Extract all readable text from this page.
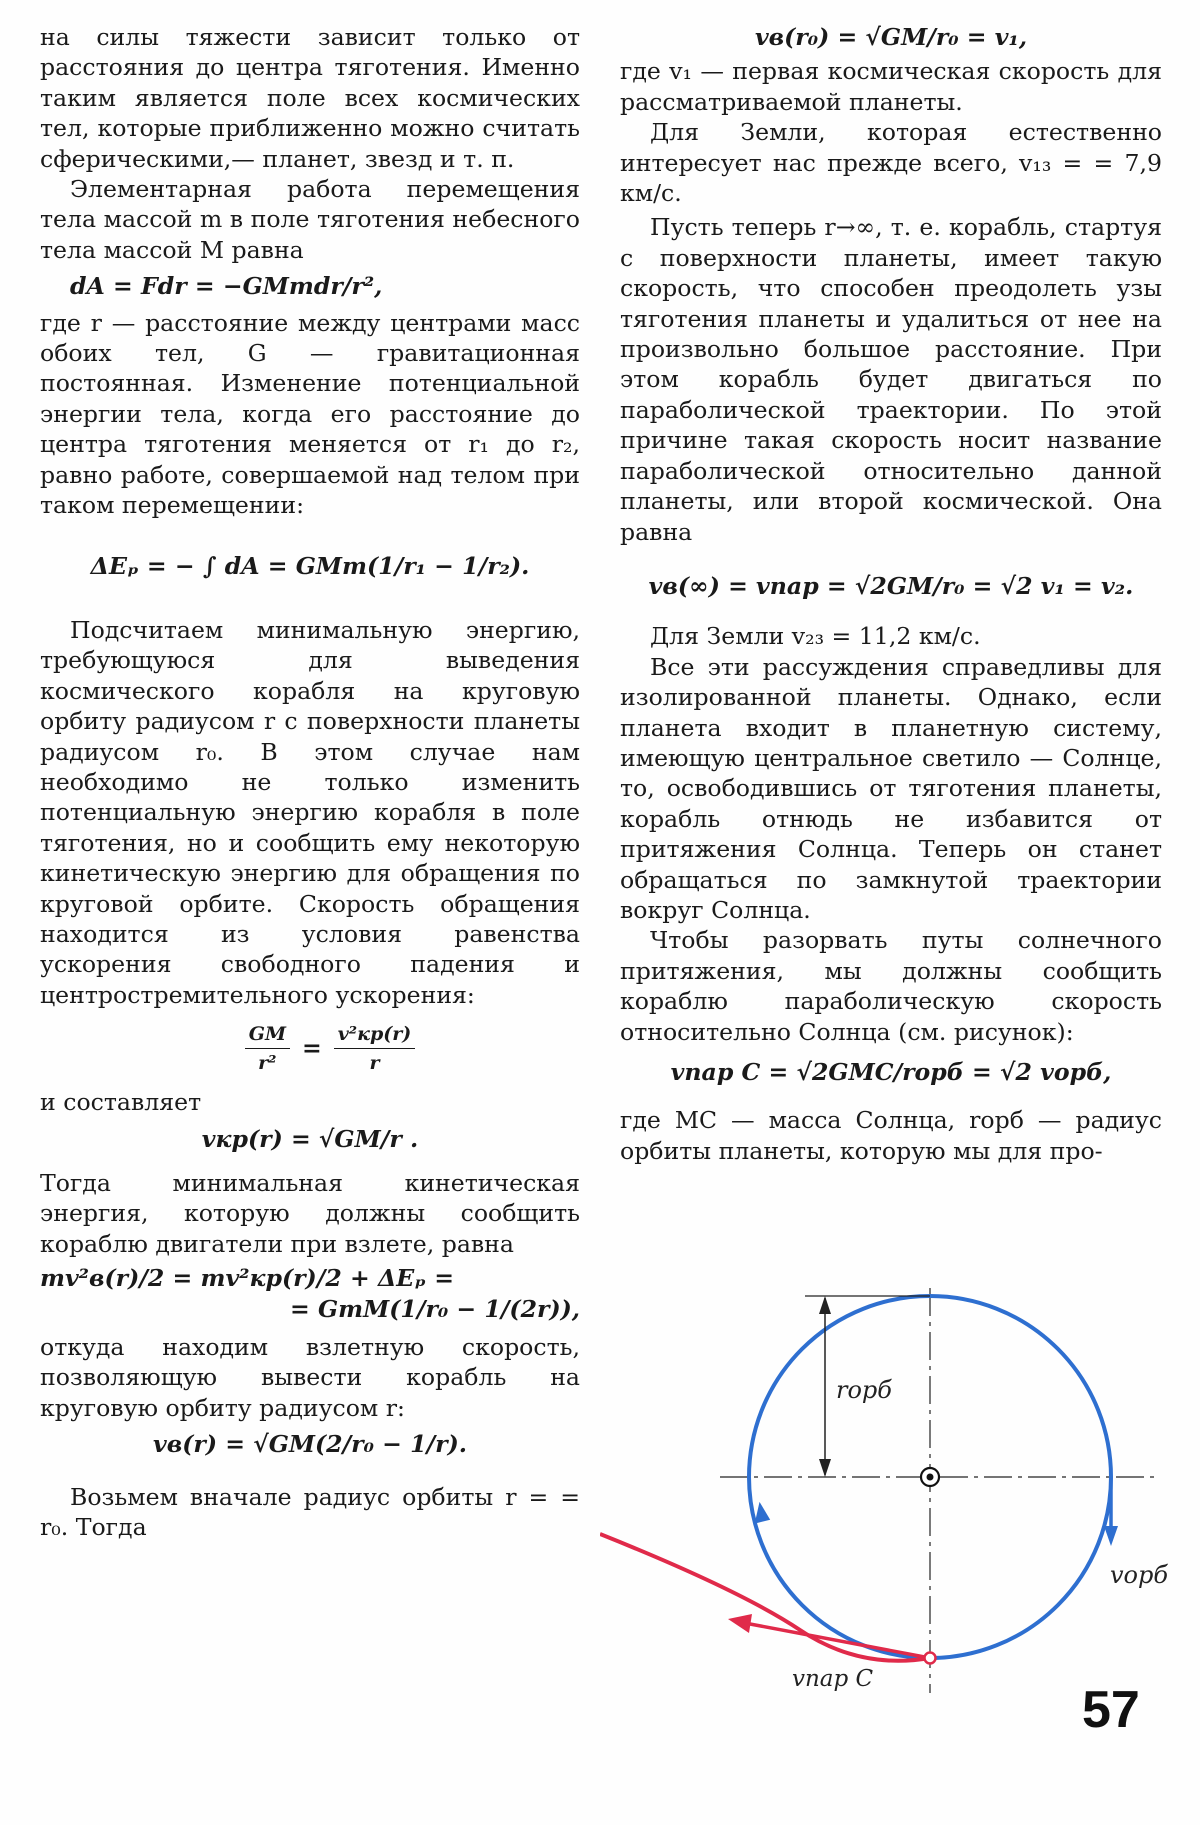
на силы тяжести зависит только от расстояния до центра тяготения. Именно таким является поле всех космических тел, которые приближенно можно считать сферическими,— планет, звезд и т. п.

Элементарная работа перемещения тела массой m в поле тяготения небесного тела массой M равна

dA = Fdr = −GMmdr/r²,

где r — расстояние между центрами масс обоих тел, G — гравитационная постоянная. Изменение потенциальной энергии тела, когда его расстояние до центра тяготения меняется от r₁ до r₂, равно работе, совершаемой над телом при таком перемещении:

ΔEₚ = − ∫ dA = GMm(1/r₁ − 1/r₂).

Подсчитаем минимальную энергию, требующуюся для выведения космического корабля на круговую орбиту радиусом r с поверхности планеты радиусом r₀. В этом случае нам необходимо не только изменить потенциальную энергию корабля в поле тяготения, но и сообщить ему некоторую кинетическую энергию для обращения по круговой орбите. Скорость обращения находится из условия равенства ускорения свободного падения и центростремительного ускорения:

$\frac{GM}{\text{r²}} = \frac{\text{v²кр(r)}}{r}$

и составляет

vкр(r) = √GM/r .

Тогда минимальная кинетическая энергия, которую должны сообщить кораблю двигатели при взлете, равна

mv²в(r)/2 = mv²кр(r)/2 + ΔEₚ =
= GmM(1/r₀ − 1/(2r)),

откуда находим взлетную скорость, позволяющую вывести корабль на круговую орбиту радиусом r:

vв(r) = √GM(2/r₀ − 1/r).

Возьмем вначале радиус орбиты r = = r₀. Тогда

vв(r₀) = √GM/r₀ = v₁,

где v₁ — первая космическая скорость для рассматриваемой планеты.

Для Земли, которая естественно интересует нас прежде всего, v₁₃ = = 7,9 км/с.

Пусть теперь r→∞, т. е. корабль, стартуя с поверхности планеты, имеет такую скорость, что способен преодолеть узы тяготения планеты и удалиться от нее на произвольно большое расстояние. При этом корабль будет двигаться по параболической траектории. По этой причине такая скорость носит название параболической относительно данной планеты, или второй космической. Она равна

vв(∞) = vпар = √2GM/r₀ = √2 v₁ = v₂.

Для Земли v₂₃ = 11,2 км/с.

Все эти рассуждения справедливы для изолированной планеты. Однако, если планета входит в планетную систему, имеющую центральное светило — Солнце, то, освободившись от тяготения планеты, корабль отнюдь не избавится от притяжения Солнца. Теперь он станет обращаться по замкнутой траектории вокруг Солнца.

Чтобы разорвать путы солнечного притяжения, мы должны сообщить кораблю параболическую скорость относительно Солнца (см. рисунок):

vпар С = √2GMС/rорб = √2 vорб,

где MС — масса Солнца, rорб — радиус орбиты планеты, которую мы для про-

rорб
vорб
vпар С
57
